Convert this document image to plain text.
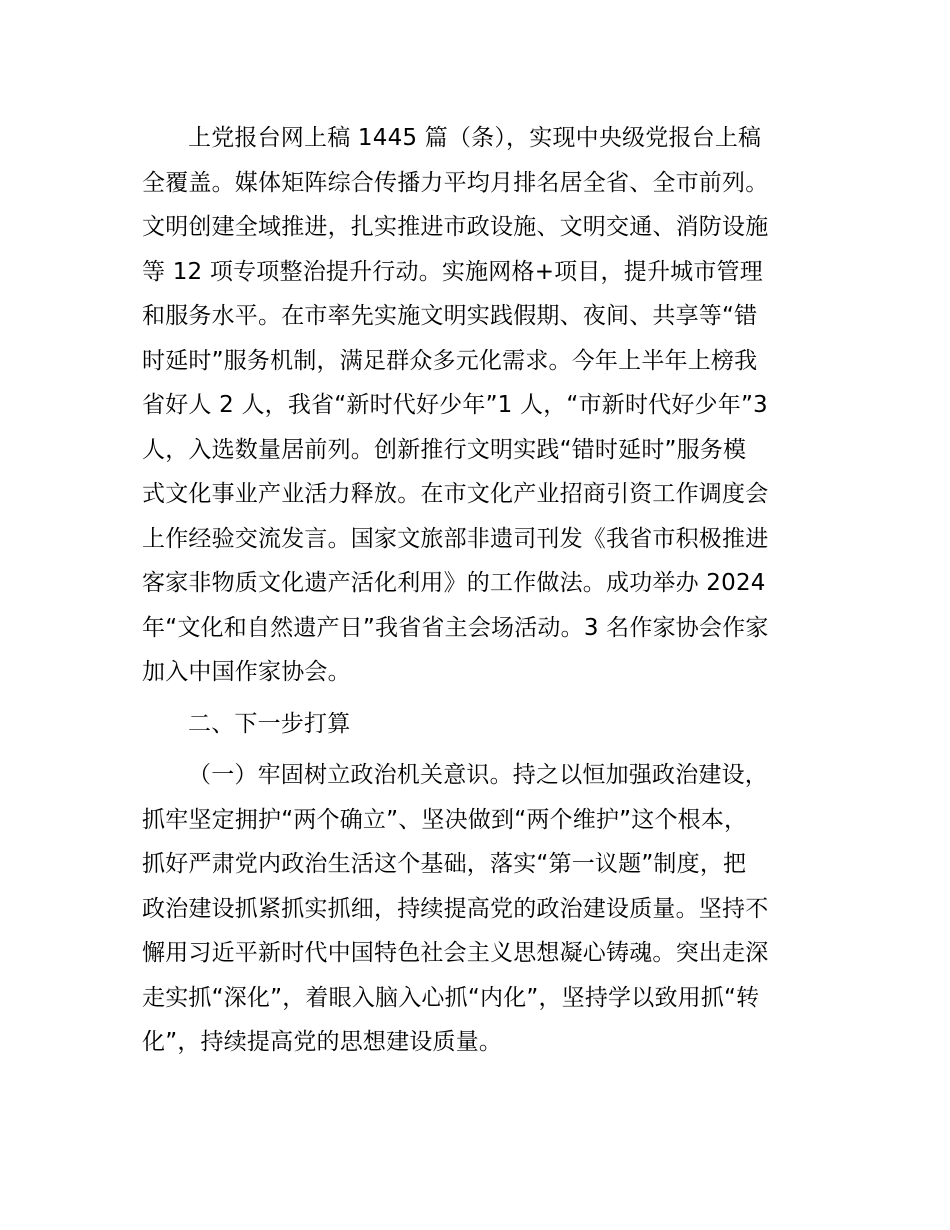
上党报台网上稿 1445 篇（条），实现中央级党报台上稿
全覆盖。媒体矩阵综合传播力平均月排名居全省、全市前列。
文明创建全域推进，扎实推进市政设施、文明交通、消防设施
等 12 项专项整治提升行动。实施网格+项目，提升城市管理
和服务水平。在市率先实施文明实践假期、夜间、共享等“错
时延时”服务机制，满足群众多元化需求。今年上半年上榜我
省好人 2 人，我省“新时代好少年”1 人，“市新时代好少年”3
人，入选数量居前列。创新推行文明实践“错时延时”服务模
式文化事业产业活力释放。在市文化产业招商引资工作调度会
上作经验交流发言。国家文旅部非遗司刊发《我省市积极推进
客家非物质文化遗产活化利用》的工作做法。成功举办 2024
年“文化和自然遗产日”我省省主会场活动。3 名作家协会作家
加入中国作家协会。
二、下一步打算
（一）牢固树立政治机关意识。持之以恒加强政治建设，
抓牢坚定拥护“两个确立”、坚决做到“两个维护”这个根本，
抓好严肃党内政治生活这个基础，落实“第一议题”制度，把
政治建设抓紧抓实抓细，持续提高党的政治建设质量。坚持不
懈用习近平新时代中国特色社会主义思想凝心铸魂。突出走深
走实抓“深化”，着眼入脑入心抓“内化”，坚持学以致用抓“转
化”，持续提高党的思想建设质量。
